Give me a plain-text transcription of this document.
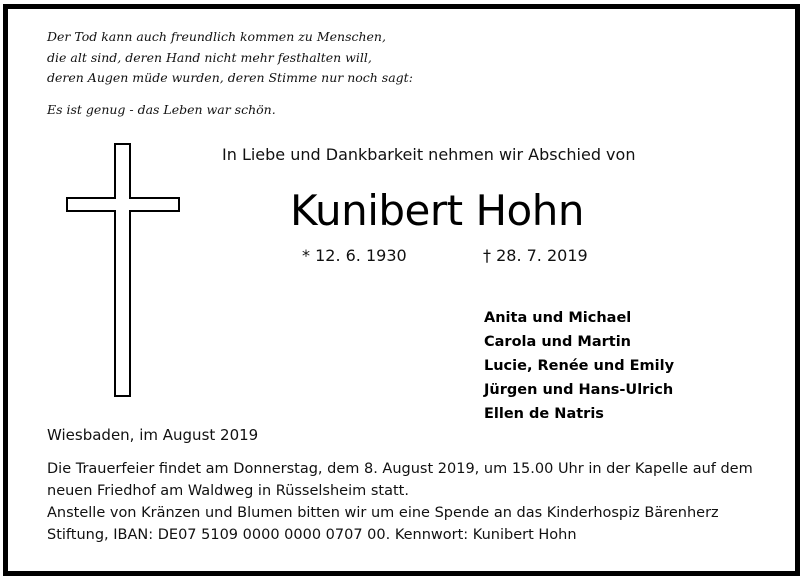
Der Tod kann auch freundlich kommen zu Menschen,
die alt sind, deren Hand nicht mehr festhalten will,
deren Augen müde wurden, deren Stimme nur noch sagt:
Es ist genug - das Leben war schön.
In Liebe und Dankbarkeit nehmen wir Abschied von
Kunibert Hohn
* 12. 6. 1930	† 28. 7. 2019
Anita und Michael
Carola und Martin
Lucie, Renée und Emily
Jürgen und Hans-Ulrich
Ellen de Natris
Wiesbaden, im August 2019
Die Trauerfeier findet am Donnerstag, dem 8. August 2019, um 15.00 Uhr in der Kapelle auf dem
neuen Friedhof am Waldweg in Rüsselsheim statt.
Anstelle von Kränzen und Blumen bitten wir um eine Spende an das Kinderhospiz Bärenherz
Stiftung, IBAN: DE07 5109 0000 0000 0707 00. Kennwort: Kunibert Hohn
